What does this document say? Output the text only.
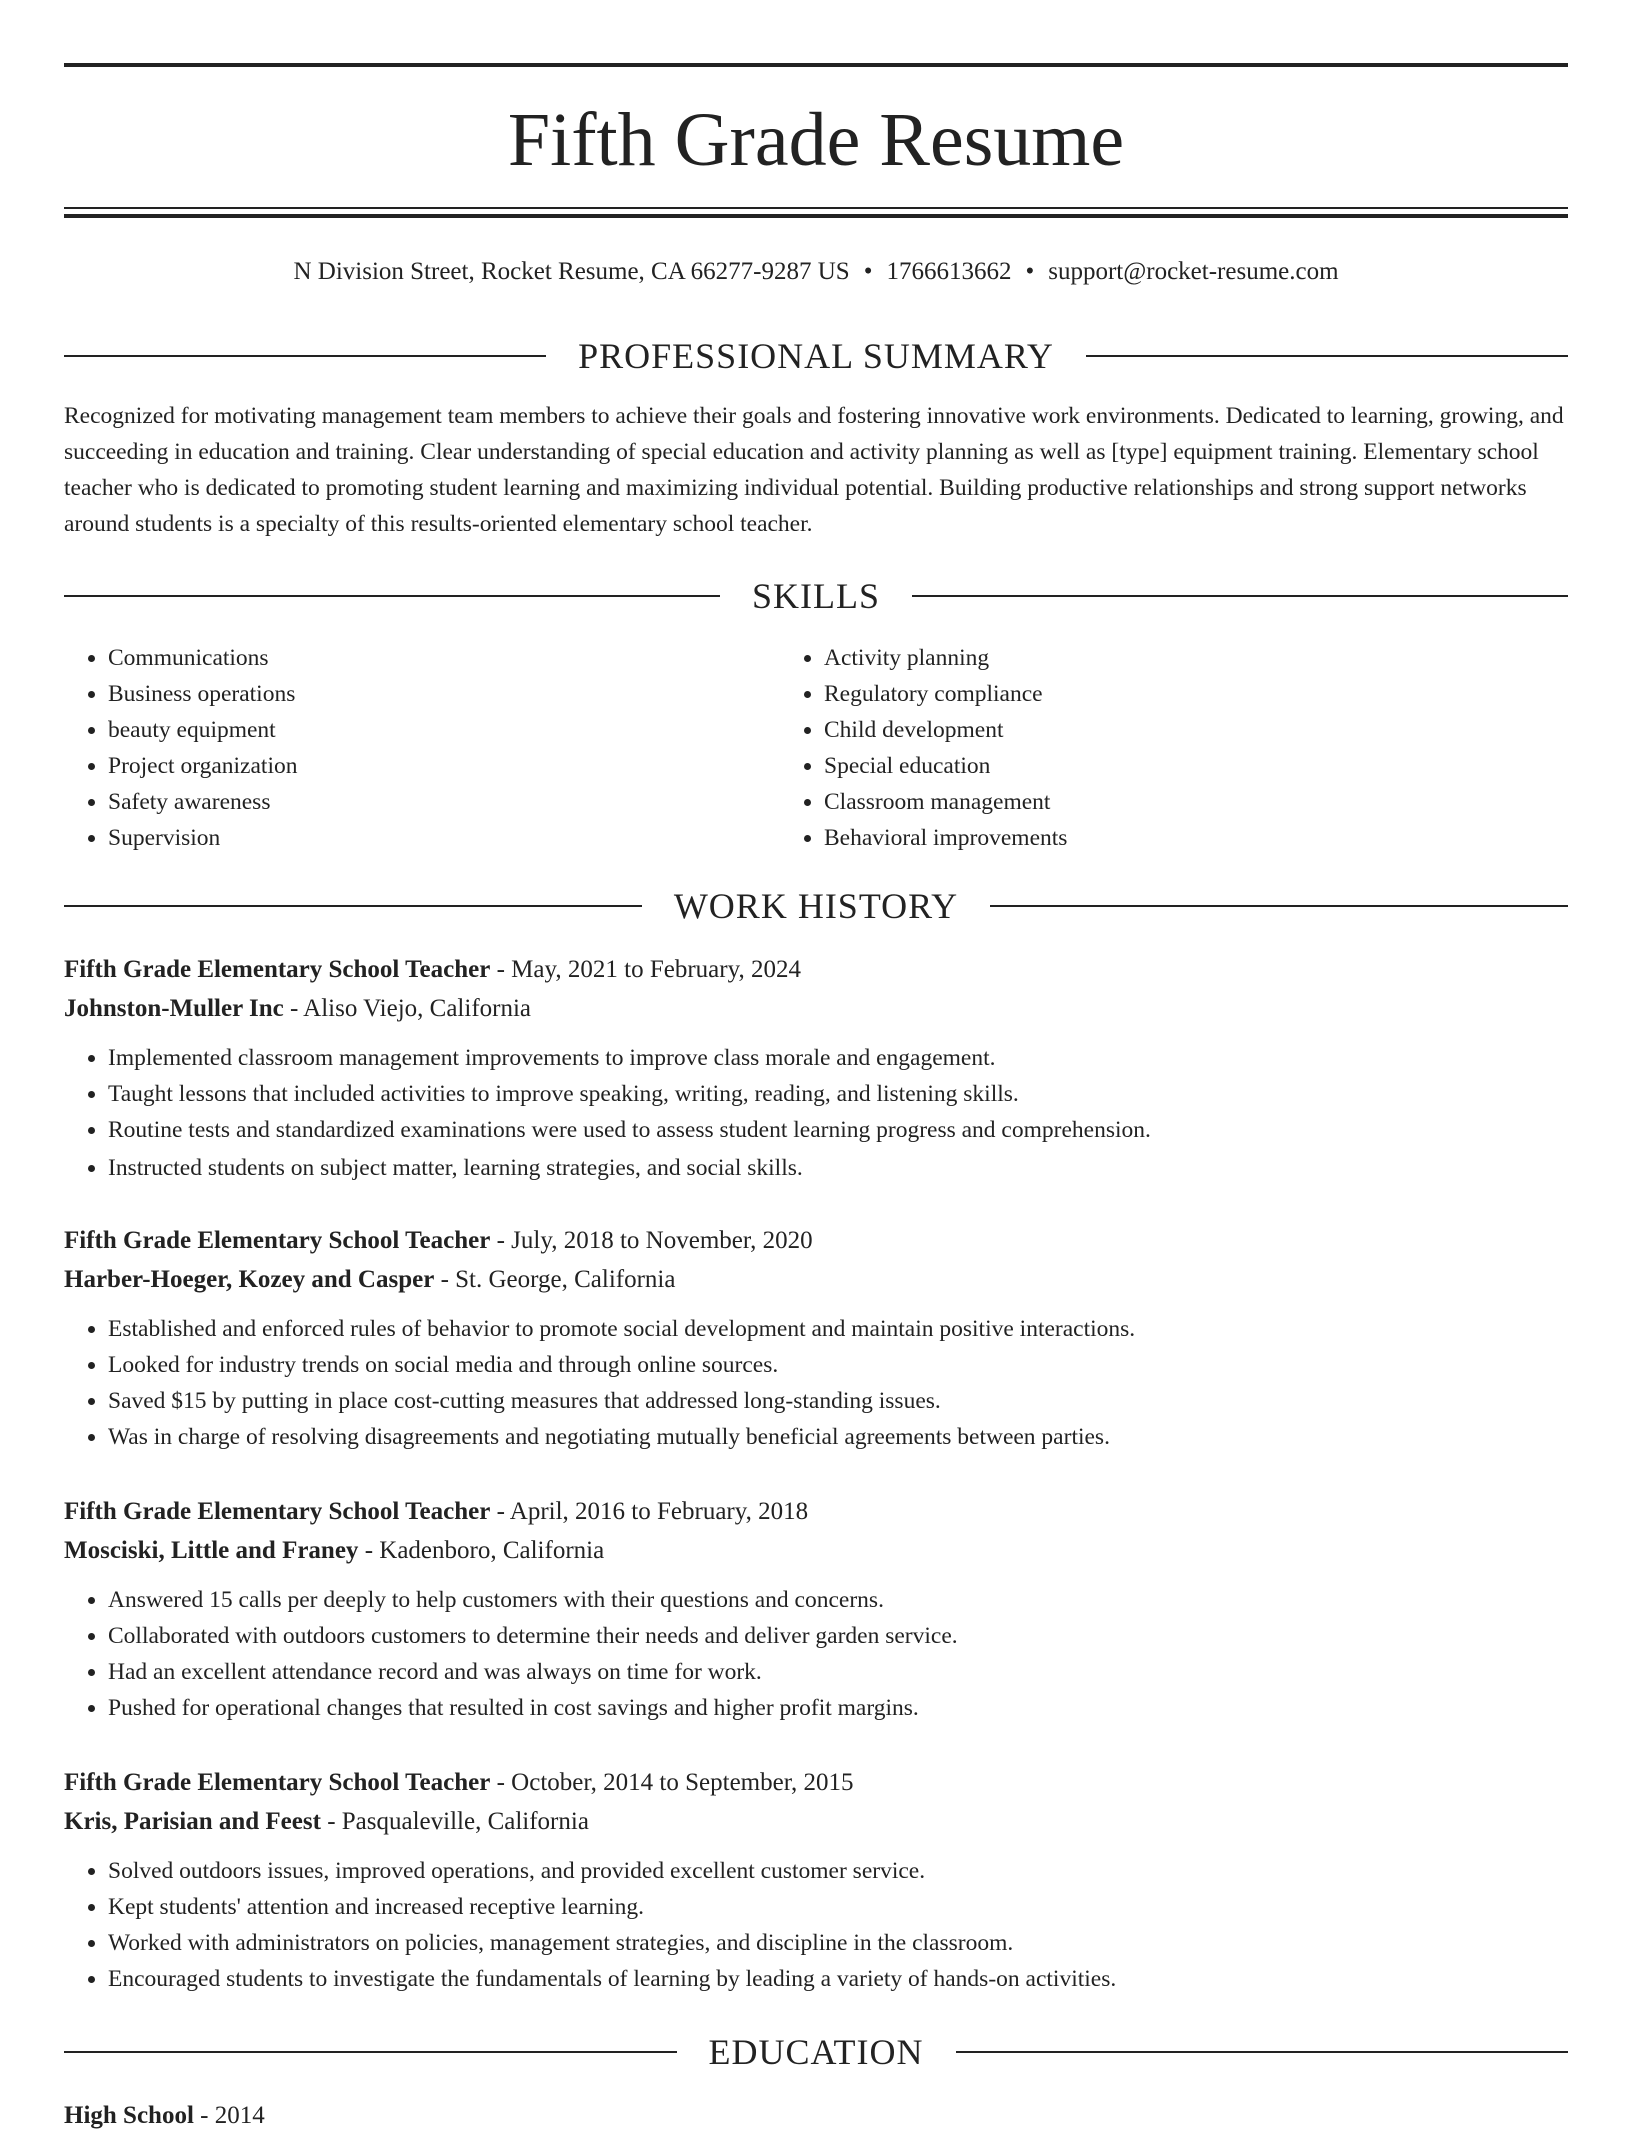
Fifth Grade Resume
N Division Street, Rocket Resume, CA 66277-9287 US • 1766613662 • support@rocket-resume.com
PROFESSIONAL SUMMARY

Recognized for motivating management team members to achieve their goals and fostering innovative work environments. Dedicated to learning, growing, and succeeding in education and training. Clear understanding of special education and activity planning as well as [type] equipment training. Elementary school teacher who is dedicated to promoting student learning and maximizing individual potential. Building productive relationships and strong support networks around students is a specialty of this results-oriented elementary school teacher.

SKILLS
• Communications
• Business operations
• beauty equipment
• Project organization
• Safety awareness
• Supervision
• Activity planning
• Regulatory compliance
• Child development
• Special education
• Classroom management
• Behavioral improvements
WORK HISTORY
Fifth Grade Elementary School Teacher - May, 2021 to February, 2024
Johnston-Muller Inc - Aliso Viejo, California
• Implemented classroom management improvements to improve class morale and engagement.
• Taught lessons that included activities to improve speaking, writing, reading, and listening skills.
• Routine tests and standardized examinations were used to assess student learning progress and comprehension.
• Instructed students on subject matter, learning strategies, and social skills.
Fifth Grade Elementary School Teacher - July, 2018 to November, 2020
Harber-Hoeger, Kozey and Casper - St. George, California
• Established and enforced rules of behavior to promote social development and maintain positive interactions.
• Looked for industry trends on social media and through online sources.
• Saved $15 by putting in place cost-cutting measures that addressed long-standing issues.
• Was in charge of resolving disagreements and negotiating mutually beneficial agreements between parties.
Fifth Grade Elementary School Teacher - April, 2016 to February, 2018
Mosciski, Little and Franey - Kadenboro, California
• Answered 15 calls per deeply to help customers with their questions and concerns.
• Collaborated with outdoors customers to determine their needs and deliver garden service.
• Had an excellent attendance record and was always on time for work.
• Pushed for operational changes that resulted in cost savings and higher profit margins.
Fifth Grade Elementary School Teacher - October, 2014 to September, 2015
Kris, Parisian and Feest - Pasqualeville, California
• Solved outdoors issues, improved operations, and provided excellent customer service.
• Kept students' attention and increased receptive learning.
• Worked with administrators on policies, management strategies, and discipline in the classroom.
• Encouraged students to investigate the fundamentals of learning by leading a variety of hands-on activities.
EDUCATION
High School - 2014
